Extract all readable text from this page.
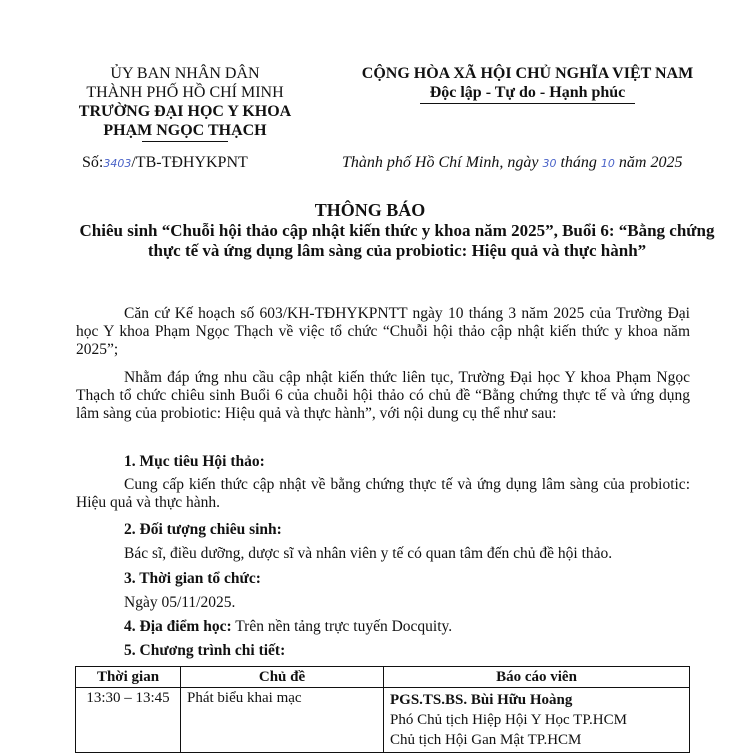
ỦY BAN NHÂN DÂN
THÀNH PHỐ HỒ CHÍ MINH
TRƯỜNG ĐẠI HỌC Y KHOA
PHẠM NGỌC THẠCH
CỘNG HÒA XÃ HỘI CHỦ NGHĨA VIỆT NAM
Độc lập - Tự do - Hạnh phúc
Số:3403/TB-TĐHYKPNT	Thành phố Hồ Chí Minh, ngày 30 tháng 10 năm 2025
THÔNG BÁO
Chiêu sinh “Chuỗi hội thảo cập nhật kiến thức y khoa năm 2025”, Buổi 6: “Bằng chứng thực tế và ứng dụng lâm sàng của probiotic: Hiệu quả và thực hành”
Căn cứ Kế hoạch số 603/KH-TĐHYKPNTT ngày 10 tháng 3 năm 2025 của Trường Đại học Y khoa Phạm Ngọc Thạch về việc tổ chức “Chuỗi hội thảo cập nhật kiến thức y khoa năm 2025”;
Nhằm đáp ứng nhu cầu cập nhật kiến thức liên tục, Trường Đại học Y khoa Phạm Ngọc Thạch tổ chức chiêu sinh Buổi 6 của chuỗi hội thảo có chủ đề “Bằng chứng thực tế và ứng dụng lâm sàng của probiotic: Hiệu quả và thực hành”, với nội dung cụ thể như sau:
1. Mục tiêu Hội thảo:
Cung cấp kiến thức cập nhật về bằng chứng thực tế và ứng dụng lâm sàng của probiotic: Hiệu quả và thực hành.
2. Đối tượng chiêu sinh:
Bác sĩ, điều dưỡng, dược sĩ và nhân viên y tế có quan tâm đến chủ đề hội thảo.
3. Thời gian tổ chức:
Ngày 05/11/2025.
4. Địa điểm học: Trên nền tảng trực tuyến Docquity.
5. Chương trình chi tiết:
Thời gian	Chủ đề	Báo cáo viên
13:30 – 13:45	Phát biểu khai mạc	PGS.TS.BS. Bùi Hữu Hoàng
Phó Chủ tịch Hiệp Hội Y Học TP.HCM
Chủ tịch Hội Gan Mật TP.HCM
